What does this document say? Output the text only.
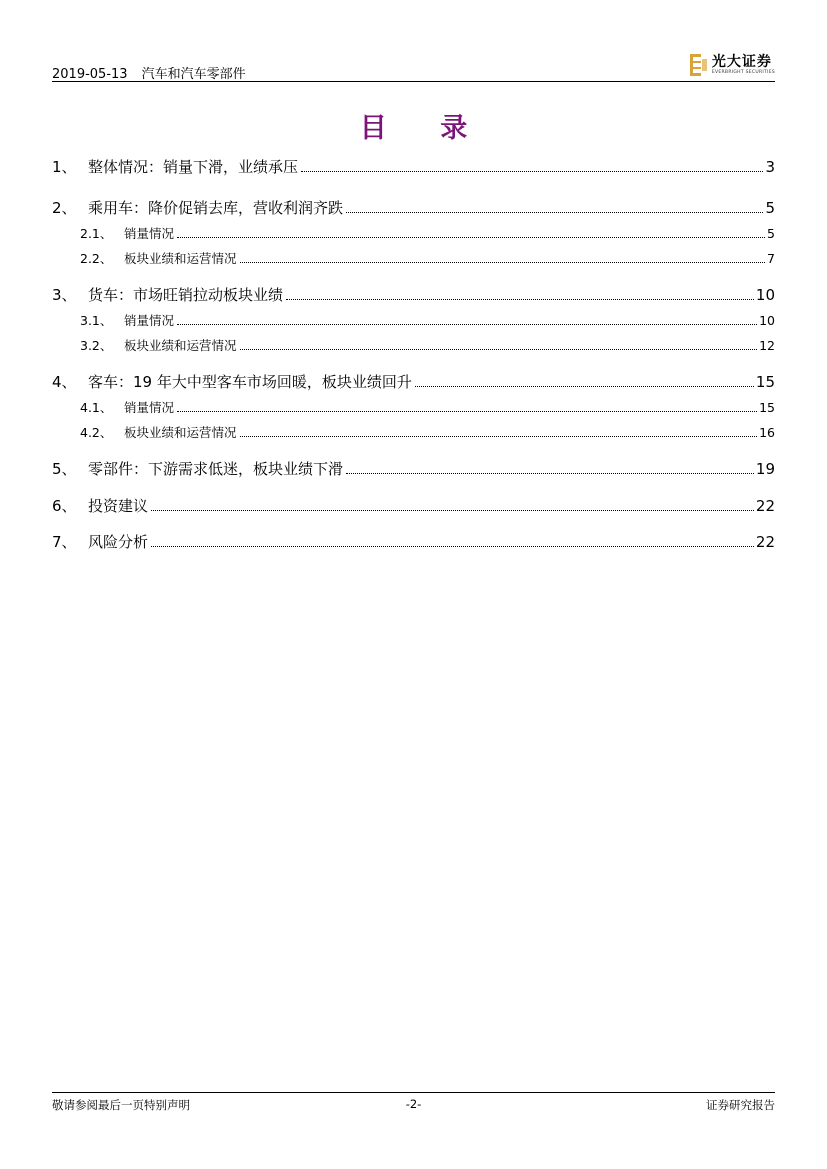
2019-05-13 汽车和汽车零部件
光大证券
EVERBRIGHT SECURITIES
目 录
1、 整体情况：销量下滑，业绩承压	3
2、 乘用车：降价促销去库，营收利润齐跌	5
2.1、 销量情况	5
2.2、 板块业绩和运营情况	7
3、 货车：市场旺销拉动板块业绩	10
3.1、 销量情况	10
3.2、 板块业绩和运营情况	12
4、 客车：19 年大中型客车市场回暖，板块业绩回升	15
4.1、 销量情况	15
4.2、 板块业绩和运营情况	16
5、 零部件：下游需求低迷，板块业绩下滑	19
6、 投资建议	22
7、 风险分析	22
敬请参阅最后一页特别声明	-2-	证券研究报告
